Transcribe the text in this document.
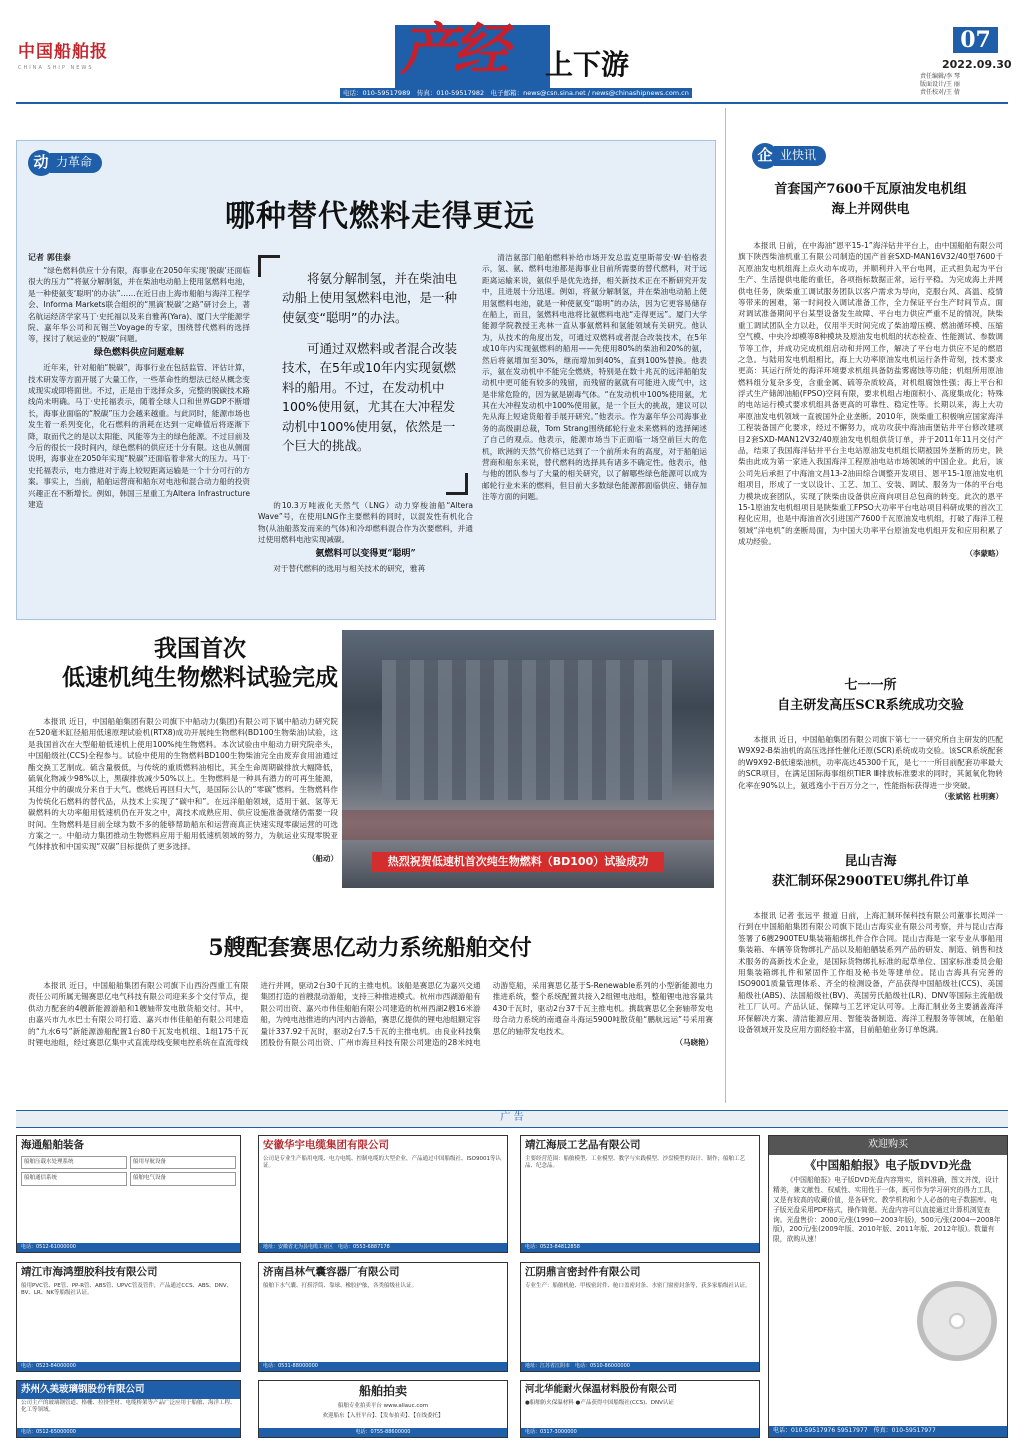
中国船舶报
CHINA SHIP NEWS	产经 上下游
电话：010-59517989　传真：010-59517982　电子邮箱：news@csn.sina.net / news@chinashipnews.com.cn
07
2022.09.30
责任编辑/李 琴
版面设计/王 丽
责任校对/王 倩
动 力革命
哪种替代燃料走得更远
记者 郭佳泰

“绿色燃料供应十分有限，海事业在2050年实现‘脱碳’还面临很大的压力”“将氨分解制氢，并在柴油电动船上使用氢燃料电池，是一种使氨变‘聪明’的办法”……在近日由上海市船舶与海洋工程学会、Informa Markets联合组织的“黑滴‘脱碳’之路”研讨会上，著名航运经济学家马丁·史托福以及来自雅苒(Yara)、厦门大学能源学院、嘉年华公司和瓦锡兰Voyage的专家，围绕替代燃料的选择等，探讨了航运业的“脱碳”问题。

绿色燃料供应问题难解

近年来，针对船舶“脱碳”，海事行业在包括监管、评估计算，技术研发等方面开展了大量工作，一些革命性的想法已经从概念变成现实或即将面世。不过，正是由于选择众多，完整的脱碳技术路线尚未明确。马丁·史托福表示，随着全球人口和世界GDP不断增长，海事业面临的“脱碳”压力会越来越重。与此同时，能源市场也发生着一系列变化，化石燃料的消耗在达到一定峰值后将逐渐下降，取而代之的是以太阳能、风能等为主的绿色能源。不过目前及今后的很长一段时间内，绿色燃料的供应还十分有限。这也从侧面说明，海事业在2050年实现“脱碳”还面临着非常大的压力。马丁·史托福表示，电力推进对于海上较短距离运输是一个十分可行的方案。事实上，当前，船舶运营商和船东对电池和混合动力船的投资兴趣正在不断增长。例如，韩国三星重工为Altera Infrastructure建造

将氨分解制氢，并在柴油电动船上使用氢燃料电池，是一种使氨变“聪明”的办法。
可通过双燃料或者混合改装技术，在5年或10年内实现氨燃料的船用。不过，在发动机中100%使用氨，尤其在大冲程发动机中100%使用氨，依然是一个巨大的挑战。

的10.3万吨液化天然气（LNG）动力穿梭油船“Altera Wave”号，在使用LNG作主要燃料的同时，以混发性有机化合物(从油船蒸发而来的气体)和冷却燃料混合作为次要燃料，并通过使用燃料电池实现减碳。

氨燃料可以变得更“聪明”

对于替代燃料的选用与相关技术的研究，雅苒

清洁氨部门船舶燃料补给市场开发总监克里斯蒂安·W·伯格表示，氢、氨、燃料电池都是海事业目前所需要的替代燃料，对于远距离运输来说，氨似乎是优先选择，相关新技术正在不断研究开发中，且进展十分迅速。例如，将氨分解制氢，并在柴油电动船上使用氢燃料电池，就是一种使氨变“聪明”的办法，因为它更容易储存在船上，而且，氢燃料电池将比氨燃料电池“走得更远”。厦门大学能源学院教授王兆林一直从事氨燃料和氢能领域有关研究。他认为，从技术的角度出发，可通过双燃料或者混合改装技术，在5年或10年内实现氨燃料的船用——先使用80%的柴油和20%的氨，然后将氨增加至30%，继而增加到40%，直到100%替换。他表示，氨在发动机中不能完全燃烧，特别是在数十兆瓦的远洋船舶发动机中更可能有较多的残留，而残留的氨就有可能进入废气中，这是非常危险的，因为氨是剧毒气体。“在发动机中100%使用氨，尤其在大冲程发动机中100%使用氨，是一个巨大的挑战，建议可以先从海上短途货船着手展开研究。”他表示。作为嘉年华公司海事业务的高级副总裁，Tom Strang围绕邮轮行业未来燃料的选择阐述了自己的观点。他表示，能源市场当下正面临一场空前巨大的危机，欧洲的天然气价格已达到了一个前所未有的高度，对于船舶运营商和船东来说，替代燃料的选择具有诸多不确定性。他表示，他与他的团队参与了大量的相关研究，以了解哪些绿色能源可以成为邮轮行业未来的燃料，但目前大多数绿色能源都面临供应、储存加注等方面的问题。

我国首次
低速机纯生物燃料试验完成
热烈祝贺低速机首次纯生物燃料（BD100）试验成功

本报讯 近日，中国船舶集团有限公司旗下中船动力(集团)有限公司下属中船动力研究院在520毫米缸径船用低速原理试验机(RTX8)成功开展纯生物燃料(BD100生物柴油)试验，这是我国首次在大型船舶低速机上使用100%纯生物燃料。本次试验由中船动力研究院牵头，中国船级社(CCS)全程参与。试验中使用的生物燃料BD100生物柴油完全由废弃食用油通过酯交换工艺制成。硫含量极低，与传统的重质燃料油相比，其全生命周期碳排放大幅降低，硫氧化物减少98%以上，黑碳排放减少50%以上。生物燃料是一种具有潜力的可再生能源，其组分中的碳成分来自于大气。燃烧后再回归大气，是国际公认的“零碳”燃料。生物燃料作为传统化石燃料的替代品，从技术上实现了“碳中和”。在远洋船舶领域，适用于氨、氢等无碳燃料的大功率船用低速机仍在开发之中，离技术成熟应用、供应设施准备就绪仍需要一段时间。生物燃料是目前全球为数不多的能够帮助船东和运营商真正快速实现零碳运营的可选方案之一。中船动力集团推动生物燃料应用于船用低速机领域的努力，为航运业实现零脱亚气体排放和中国实现“双碳”目标提供了更多选择。

（船动）
5艘配套赛思亿动力系统船舶交付

本报讯 近日，中国船舶集团有限公司旗下山西汾西重工有限责任公司所属无锡赛思亿电气科技有限公司迎来多个交付节点，提供动力配套的4艘新能源游船和1艘轴带发电散货船交付。其中，由嘉兴市九水巴士有限公司打造、嘉兴市伟佳船舶有限公司建造的“九水6号”新能源游船配置1台80千瓦发电机组、1组175千瓦时锂电池组，经过赛思亿集中式直流母线变频电控系统在直流母线进行并网，驱动2台30千瓦的主推电机。该船是赛思亿为嘉兴交通集团打造的首艘混动游船，支持三种推进模式。杭州市西湖游船有限公司出资、嘉兴市伟佳船舶有限公司建造的杭州西湖2艘16米游船，为纯电池推进的内河内古游船，赛思亿提供的锂电池组额定容量计337.92千瓦时，驱动2台7.5千瓦的主推电机。由良业科技集团股份有限公司出资、广州市海旦科技有限公司建造的28米纯电动游览船，采用赛思亿基于S-Renewable系列的小型新能源电力推进系统，整个系统配置共接入2组锂电池组，整船锂电池容量共430千瓦时，驱动2台37千瓦主推电机。携载赛思亿全套轴带发电母合动力系统的南通奋斗海运5900吨散货船“鹏航远运”号采用赛思亿的轴带发电技术。

（马晓艳）
企 业快讯
首套国产7600千瓦原油发电机组
海上并网供电

本报讯 日前，在中海油“恩平15-1”海洋钻井平台上，由中国船舶有限公司旗下陕西柴油机重工有限公司制造的国产首套SXD-MAN16V32/40型7600千瓦原油发电机组海上点火动车成功，并顺利并入平台电网，正式担负起为平台生产、生活提供电能的重任，各项指标数据正常，运行平稳。为完成海上并网供电任务，陕柴重工调试服务团队以客户需求为导向，克服台风、高温、疫情等带来的困难，第一时间投入调试准备工作，全力保证平台生产时间节点。面对调试准备期间平台某型设备发生故障、平台电力供应严重不足的情况，陕柴重工调试团队全力以赴，仅用半天时间完成了柴油增压模、燃油循环模、压缩空气模、中央冷却模等8种模块及原油发电机组的状态检查、性能测试、参数调节等工作，并成功完成机组启动和并网工作，解决了平台电力供应不足的燃眉之急。与陆用发电机组相比，海上大功率原油发电机运行条件苛刻，技术要求更高：其运行所处的海洋环境要求机组具备防盐雾腐蚀等功能；机组所用原油燃料组分复杂多变，含重金属、硫等杂质较高，对机组腐蚀性强；海上平台和浮式生产储卸油船(FPSO)空间有限，要求机组占地面积小、高度集成化；特殊的电站运行模式要求机组具备更高的可靠性、稳定性等。长期以来，海上大功率原油发电机领域一直被国外企业垄断。2010年，陕柴重工积极响应国家海洋工程装备国产化要求，经过不懈努力，成功攻获中海油南堡钻井平台修改建项目2套SXD-MAN12V32/40原油发电机组供货订单，并于2011年11月交付产品，结束了我国海洋钻井平台主电站原油发电机组长期被国外垄断的历史，陕柴由此成为第一家进入我国海洋工程原油电站市场领域的中国企业。此后，该公司先后承担了中海油文昌13-2油田综合调整开发项目、恩平15-1原油发电机组项目，形成了一支以设计、工艺、加工、安装、调试、服务为一体的平台电力模块成套团队，实现了陕柴由设备供应商向项目总包商的转变。此次的恩平15-1原油发电机组项目是陕柴重工FPSO大功率平台电站项目科研成果的首次工程化应用，也是中海油首次引进国产7600千瓦原油发电机组，打破了海洋工程领域“洋电机”的垄断局面，为中国大功率平台原油发电机组开发和应用积累了成功经验。

（李蒙略）
七一一所
自主研发高压SCR系统成功交验

本报讯 近日，中国船舶集团有限公司旗下第七一一研究所自主研发的匹配W9X92-B柴油机的高压选择性催化还原(SCR)系统成功交验。该SCR系统配套的W9X92-B低速柴油机，功率高达45300千瓦，是七一一所目前配套功率最大的SCR项目，在满足国际海事组织TIER Ⅲ排放标准要求的同时，其氮氧化物转化率在90%以上，氨逃逸小于百万分之一，性能指标获得进一步突破。

（张斌铭 杜明赛）
昆山吉海
获汇制环保2900TEU绑扎件订单

本报讯 记者 张远平 报道 日前，上海汇制环保科技有限公司董事长周洋一行到在中国船舶集团有限公司旗下昆山吉海实业有限公司考察，并与昆山吉海签署了6艘2900TEU集装箱船绑扎件合作合同。昆山吉海是一家专业从事船用集装箱、车辆等货物绑扎产品以及船舶舾装系列产品的研发、制造、销售和技术服务的高新技术企业，是国际货物绑扎标准的起草单位、国家标准委员会船用集装箱绑扎件和紧固件工作组及秘书处等建单位。昆山吉海具有完善的ISO9001质量管理体系、齐全的检测设备，产品获得中国船级社(CCS)、美国船级社(ABS)、法国船级社(BV)、英国劳氏船级社(LR)、DNV等国际主流船级社工厂认可。产品认证、保障与工艺评定认可等。上海汇制业务主要涵盖海洋环保解决方案、清洁能源应用、智能装备制造、海洋工程服务等领域，在船舶设备领域开发及应用方面经验丰富，目前船舶业务订单饱满。

广 告
海通船舶装备
船舶压载水处理系统	船用导航设备
船舶通信系统	船舶电气设备
电话：0512-61000000
安徽华宇电缆集团有限公司
公司是专业生产船用电缆、电力电缆、控制电缆的大型企业，产品通过中国船级社、ISO9001等认证。
地址：安徽省无为县电缆工业区　电话：0553-6887178
靖江海辰工艺品有限公司
主要经营范围：船舶模型、工业模型、教学与实践模型、沙盘模型的设计、制作；船舶工艺品、纪念品。
电话：0523-84812858
靖江市海鸿塑胶科技有限公司
船用PVC管、PE管、PP-R管、ABS管、UPVC管及管件，产品通过CCS、ABS、DNV、BV、LR、NK等船级社认证。
电话：0523-84000000
济南昌林气囊容器厂有限公司
船舶下水气囊、打捞浮筒、靠球、橡胶护舷，各类船级社认证。
电话：0531-88000000
江阴鼎言密封件有限公司
专业生产：船舶机舱、甲板密封件、舱口盖密封条、水密门窗密封条等，获多家船级社认证。
地址：江苏省江阴市　电话：0510-86000000
苏州久美玻璃钢股份有限公司
公司主产的玻璃钢管道、格栅、拉挤型材、电缆桥架等产品广泛应用于船舶、海洋工程、化工等领域。
电话：0512-65000000
船舶拍卖
船舶专业拍卖平台 www.allauc.com
欢迎船东【入驻平台】、【发布拍卖】、【在线委托】
电话：0755-88600000
河北华能耐火保温材料股份有限公司
●船舶防火保温材料 ●产品获得中国船级社(CCS)、DNV认证
电话：0317-3000000
欢迎购买
《中国船舶报》电子版DVD光盘
《中国船舶报》电子版DVD光盘内容翔实，资料准确，图文并茂，设计精美，兼文献性、权威性、实用性于一体，既可作为学习研究的得力工具，又是有较高的收藏价值，是各研究、教学机构和个人必备的电子数据库。电子版光盘采用PDF格式，操作简便。光盘内容可以直接通过计算机浏览查询。光盘售价：2000元/张(1990—2003年版)，500元/张(2004—2008年版)，200元/张(2009年版、2010年版、2011年版、2012年版)。数量有限，欲购从速！
电话：010-59517976 59517977　传真：010-59517977
